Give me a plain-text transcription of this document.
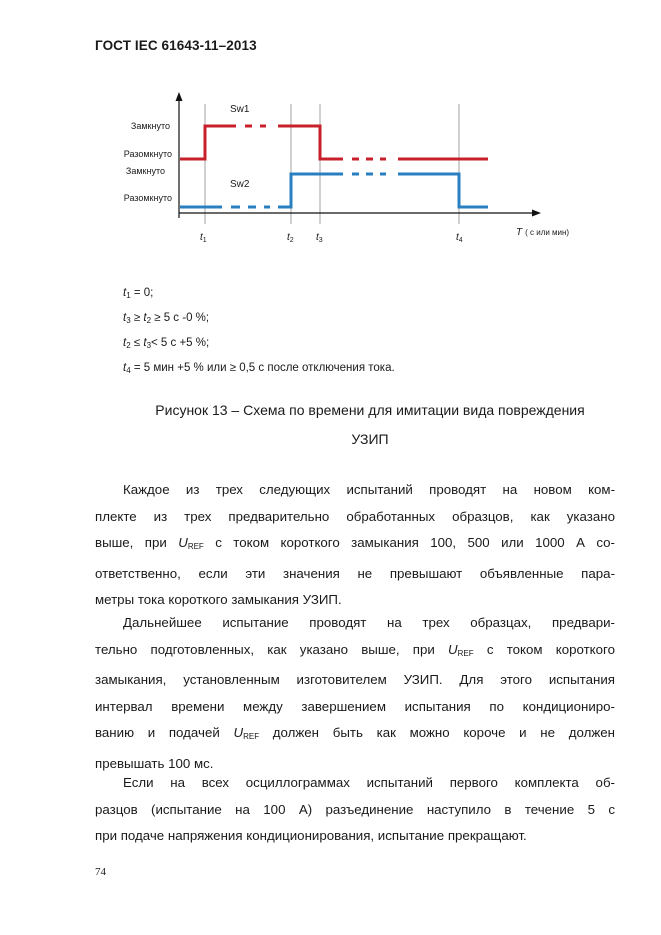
ГОСТ IEC 61643-11–2013
Замкнуто
Разомкнуто
Замкнуто
Разомкнуто
Sw1
Sw2
$t_1$	$t_2$ $t_3$	$t_4$
T ( с или мин)
$t_1 = 0$;
$t_3 \ge t_2 \ge 5$ с -0 %;
$t_2 \le t_3< 5$ с +5 %;
$t_4 = 5$ мин +5 % или ≥ 0,5 с после отключения тока.
Рисунок 13 – Схема по времени для имитации вида повреждения
УЗИП
Каждое из трех следующих испытаний проводят на новом ком-
плекте из трех предварительно обработанных образцов, как указано
выше, при $U_{REF}$ с током короткого замыкания 100, 500 или 1000 А со-
ответственно, если эти значения не превышают объявленные пара-
метры тока короткого замыкания УЗИП.
Дальнейшее испытание проводят на трех образцах, предвари-
тельно подготовленных, как указано выше, при $U_{REF}$ с током короткого
замыкания, установленным изготовителем УЗИП. Для этого испытания
интервал времени между завершением испытания по кондициониро-
ванию и подачей $U_{REF}$ должен быть как можно короче и не должен
превышать 100 мс.
Если на всех осциллограммах испытаний первого комплекта об-
разцов (испытание на 100 А) разъединение наступило в течение 5 с
при подаче напряжения кондиционирования, испытание прекращают.
74
